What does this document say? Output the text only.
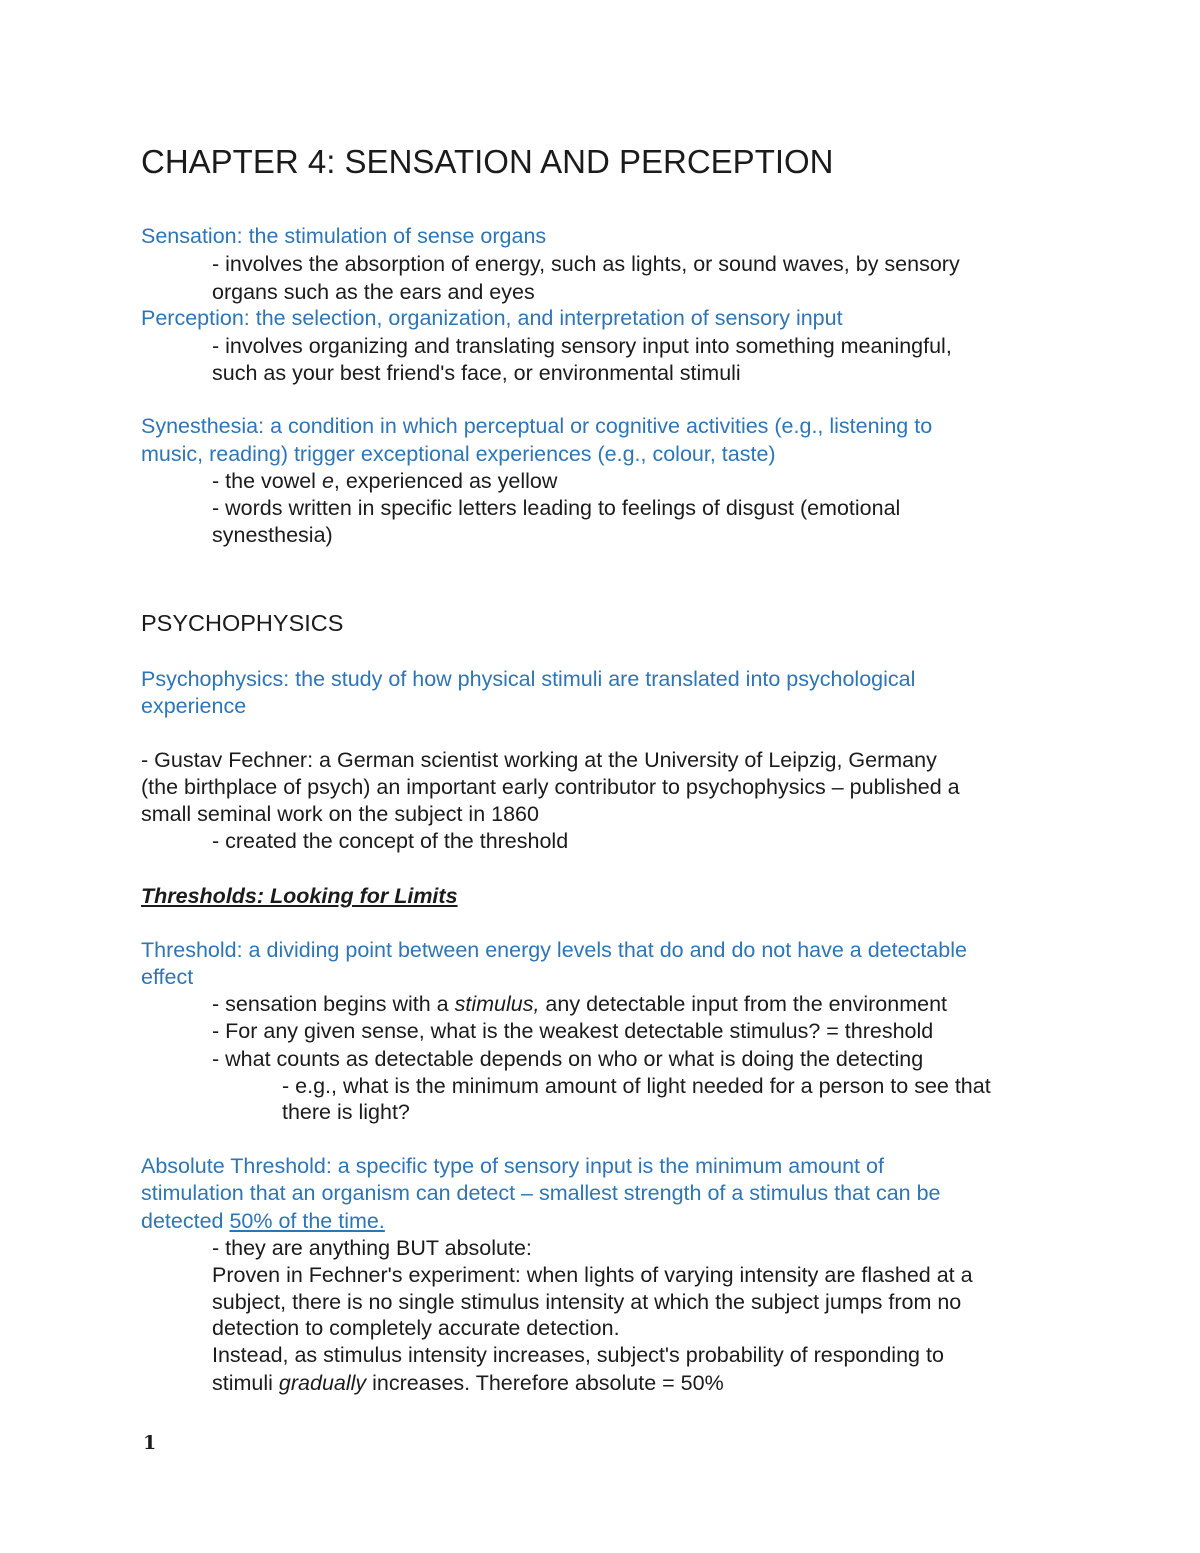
CHAPTER 4: SENSATION AND PERCEPTION
Sensation: the stimulation of sense organs
- involves the absorption of energy, such as lights, or sound waves, by sensory
organs such as the ears and eyes
Perception: the selection, organization, and interpretation of sensory input
- involves organizing and translating sensory input into something meaningful,
such as your best friend's face, or environmental stimuli
Synesthesia: a condition in which perceptual or cognitive activities (e.g., listening to
music, reading) trigger exceptional experiences (e.g., colour, taste)
- the vowel e, experienced as yellow
- words written in specific letters leading to feelings of disgust (emotional
synesthesia)
PSYCHOPHYSICS
Psychophysics: the study of how physical stimuli are translated into psychological
experience
- Gustav Fechner: a German scientist working at the University of Leipzig, Germany
(the birthplace of psych) an important early contributor to psychophysics – published a
small seminal work on the subject in 1860
- created the concept of the threshold
Thresholds: Looking for Limits
Threshold: a dividing point between energy levels that do and do not have a detectable
effect
- sensation begins with a stimulus, any detectable input from the environment
- For any given sense, what is the weakest detectable stimulus? = threshold
- what counts as detectable depends on who or what is doing the detecting
- e.g., what is the minimum amount of light needed for a person to see that
there is light?
Absolute Threshold: a specific type of sensory input is the minimum amount of
stimulation that an organism can detect – smallest strength of a stimulus that can be
detected 50% of the time.
- they are anything BUT absolute:
Proven in Fechner's experiment: when lights of varying intensity are flashed at a
subject, there is no single stimulus intensity at which the subject jumps from no
detection to completely accurate detection.
Instead, as stimulus intensity increases, subject's probability of responding to
stimuli gradually increases. Therefore absolute = 50%
1
